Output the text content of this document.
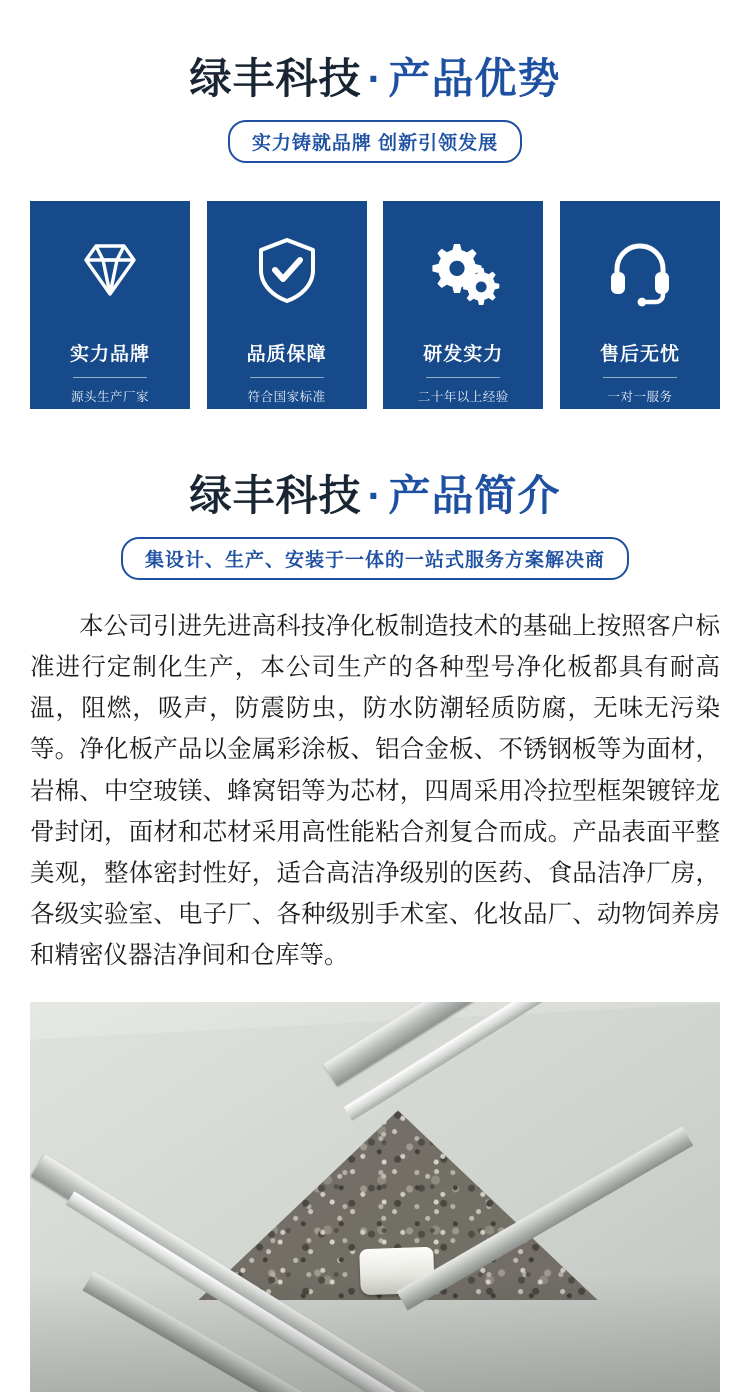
绿丰科技 · 产品优势
实力铸就品牌 创新引领发展
实力品牌
源头生产厂家
品质保障
符合国家标准
研发实力
二十年以上经验
售后无忧
一对一服务
绿丰科技 · 产品简介
集设计、生产、安装于一体的一站式服务方案解决商

本公司引进先进高科技净化板制造技术的基础上按照客户标准进行定制化生产，本公司生产的各种型号净化板都具有耐高温，阻燃，吸声，防震防虫，防水防潮轻质防腐，无味无污染等。净化板产品以金属彩涂板、铝合金板、不锈钢板等为面材，岩棉、中空玻镁、蜂窝铝等为芯材，四周采用冷拉型框架镀锌龙骨封闭，面材和芯材采用高性能粘合剂复合而成。产品表面平整美观，整体密封性好，适合高洁净级别的医药、食品洁净厂房，各级实验室、电子厂、各种级别手术室、化妆品厂、动物饲养房和精密仪器洁净间和仓库等。
